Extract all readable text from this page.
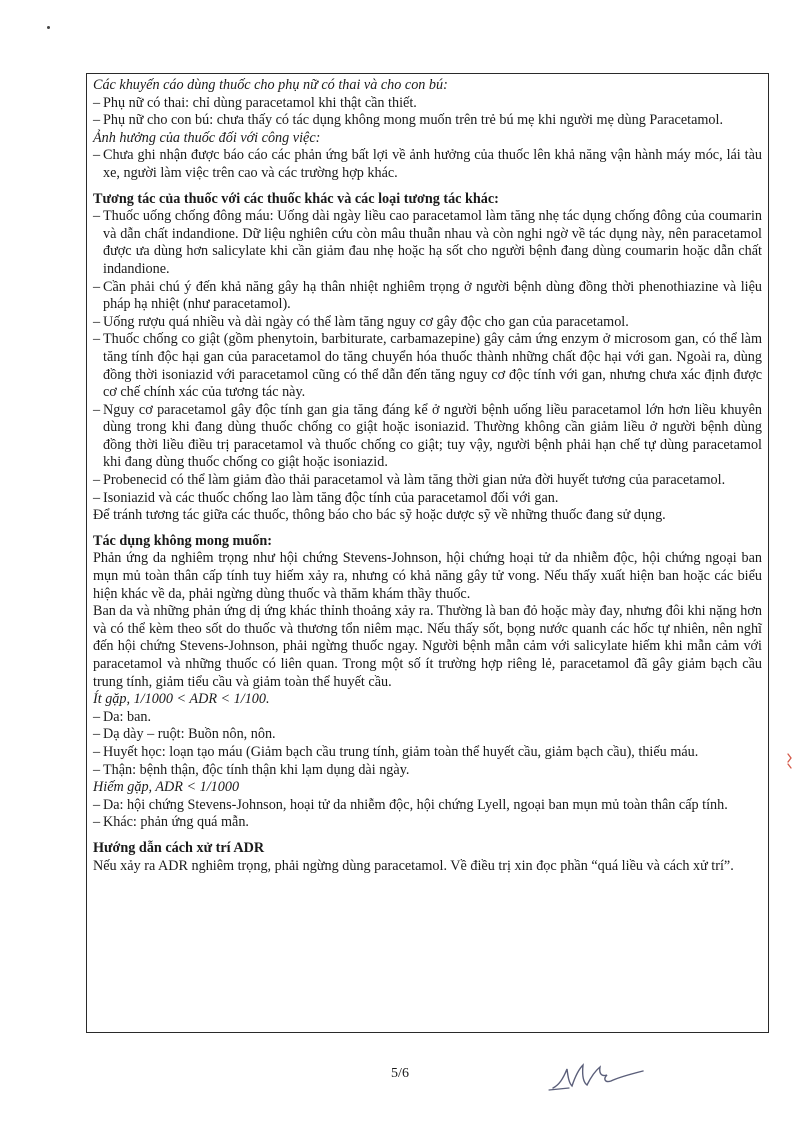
Các khuyến cáo dùng thuốc cho phụ nữ có thai và cho con bú:
– Phụ nữ có thai: chỉ dùng paracetamol khi thật cần thiết.
– Phụ nữ cho con bú: chưa thấy có tác dụng không mong muốn trên trẻ bú mẹ khi người mẹ dùng Paracetamol.
Ảnh hưởng của thuốc đối với công việc:
– Chưa ghi nhận được báo cáo các phản ứng bất lợi về ảnh hưởng của thuốc lên khả năng vận hành máy móc, lái tàu xe, người làm việc trên cao và các trường hợp khác.
Tương tác của thuốc với các thuốc khác và các loại tương tác khác:
– Thuốc uống chống đông máu: Uống dài ngày liều cao paracetamol làm tăng nhẹ tác dụng chống đông của coumarin và dẫn chất indandione. Dữ liệu nghiên cứu còn mâu thuẫn nhau và còn nghi ngờ về tác dụng này, nên paracetamol được ưa dùng hơn salicylate khi cần giảm đau nhẹ hoặc hạ sốt cho người bệnh đang dùng coumarin hoặc dẫn chất indandione.
– Cần phải chú ý đến khả năng gây hạ thân nhiệt nghiêm trọng ở người bệnh dùng đồng thời phenothiazine và liệu pháp hạ nhiệt (như paracetamol).
– Uống rượu quá nhiều và dài ngày có thể làm tăng nguy cơ gây độc cho gan của paracetamol.
– Thuốc chống co giật (gồm phenytoin, barbiturate, carbamazepine) gây cảm ứng enzym ở microsom gan, có thể làm tăng tính độc hại gan của paracetamol do tăng chuyển hóa thuốc thành những chất độc hại với gan. Ngoài ra, dùng đồng thời isoniazid với paracetamol cũng có thể dẫn đến tăng nguy cơ độc tính với gan, nhưng chưa xác định được cơ chế chính xác của tương tác này.
– Nguy cơ paracetamol gây độc tính gan gia tăng đáng kể ở người bệnh uống liều paracetamol lớn hơn liều khuyên dùng trong khi đang dùng thuốc chống co giật hoặc isoniazid. Thường không cần giảm liều ở người bệnh dùng đồng thời liều điều trị paracetamol và thuốc chống co giật; tuy vậy, người bệnh phải hạn chế tự dùng paracetamol khi đang dùng thuốc chống co giật hoặc isoniazid.
– Probenecid có thể làm giảm đào thải paracetamol và làm tăng thời gian nửa đời huyết tương của paracetamol.
– Isoniazid và các thuốc chống lao làm tăng độc tính của paracetamol đối với gan.
Để tránh tương tác giữa các thuốc, thông báo cho bác sỹ hoặc dược sỹ về những thuốc đang sử dụng.
Tác dụng không mong muốn:
Phản ứng da nghiêm trọng như hội chứng Stevens-Johnson, hội chứng hoại tử da nhiễm độc, hội chứng ngoại ban mụn mủ toàn thân cấp tính tuy hiếm xảy ra, nhưng có khả năng gây tử vong. Nếu thấy xuất hiện ban hoặc các biểu hiện khác về da, phải ngừng dùng thuốc và thăm khám thầy thuốc.
Ban da và những phản ứng dị ứng khác thỉnh thoảng xảy ra. Thường là ban đỏ hoặc mày đay, nhưng đôi khi nặng hơn và có thể kèm theo sốt do thuốc và thương tổn niêm mạc. Nếu thấy sốt, bọng nước quanh các hốc tự nhiên, nên nghĩ đến hội chứng Stevens-Johnson, phải ngừng thuốc ngay. Người bệnh mẫn cảm với salicylate hiếm khi mẫn cảm với paracetamol và những thuốc có liên quan. Trong một số ít trường hợp riêng lẻ, paracetamol đã gây giảm bạch cầu trung tính, giảm tiểu cầu và giảm toàn thể huyết cầu.
Ít gặp, 1/1000 < ADR < 1/100.
– Da: ban.
– Dạ dày – ruột: Buồn nôn, nôn.
– Huyết học: loạn tạo máu (Giảm bạch cầu trung tính, giảm toàn thể huyết cầu, giảm bạch cầu), thiếu máu.
– Thận: bệnh thận, độc tính thận khi lạm dụng dài ngày.
Hiếm gặp, ADR < 1/1000
– Da: hội chứng Stevens-Johnson, hoại tử da nhiễm độc, hội chứng Lyell, ngoại ban mụn mủ toàn thân cấp tính.
– Khác: phản ứng quá mẫn.
Hướng dẫn cách xử trí ADR
Nếu xảy ra ADR nghiêm trọng, phải ngừng dùng paracetamol. Về điều trị xin đọc phần “quá liều và cách xử trí”.
5/6
